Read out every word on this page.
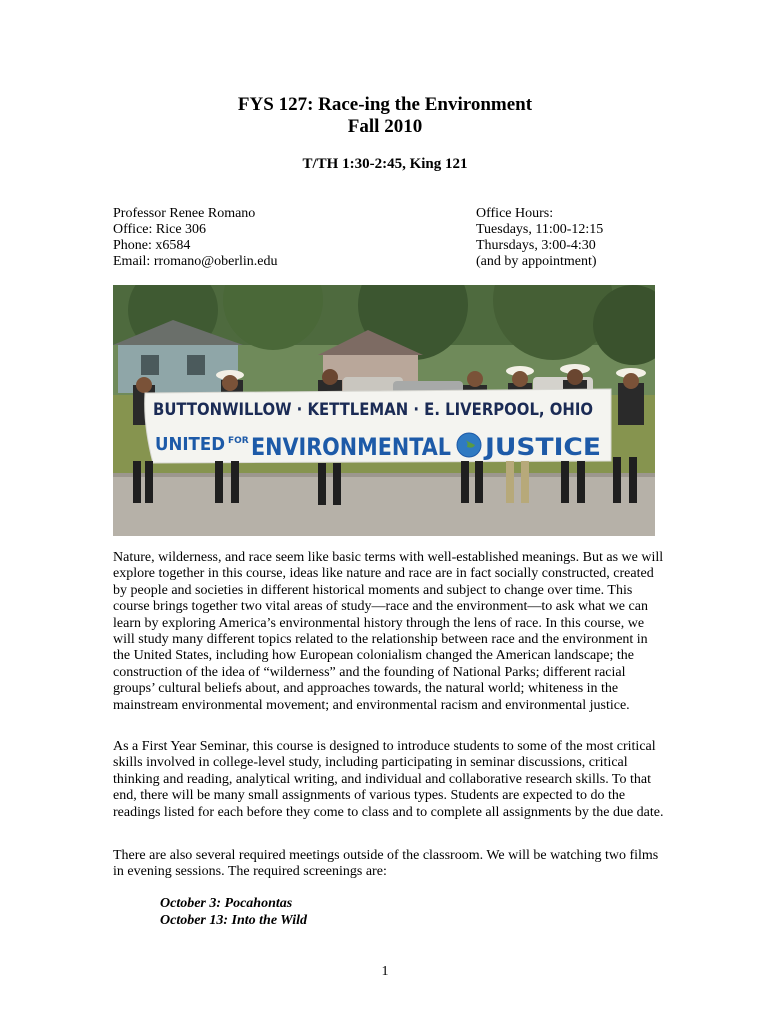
FYS 127: Race-ing the Environment
Fall 2010
T/TH 1:30-2:45, King 121
Professor Renee Romano
Office: Rice 306
Phone: x6584
Email: rromano@oberlin.edu
Office Hours:
Tuesdays, 11:00-12:15
Thursdays, 3:00-4:30
(and by appointment)
BUTTONWILLOW · KETTLEMAN · E. LIVERPOOL, OHIO
UNITED FOR ENVIRONMENTAL JUSTICE

Nature, wilderness, and race seem like basic terms with well-established meanings. But as we will explore together in this course, ideas like nature and race are in fact socially constructed, created by people and societies in different historical moments and subject to change over time. This course brings together two vital areas of study—race and the environment—to ask what we can learn by exploring America’s environmental history through the lens of race. In this course, we will study many different topics related to the relationship between race and the environment in the United States, including how European colonialism changed the American landscape; the construction of the idea of “wilderness” and the founding of National Parks; different racial groups’ cultural beliefs about, and approaches towards, the natural world; whiteness in the mainstream environmental movement; and environmental racism and environmental justice.

As a First Year Seminar, this course is designed to introduce students to some of the most critical skills involved in college-level study, including participating in seminar discussions, critical thinking and reading, analytical writing, and individual and collaborative research skills. To that end, there will be many small assignments of various types. Students are expected to do the readings listed for each before they come to class and to complete all assignments by the due date.

There are also several required meetings outside of the classroom. We will be watching two films in evening sessions. The required screenings are:

October 3: Pocahontas
October 13: Into the Wild
1
